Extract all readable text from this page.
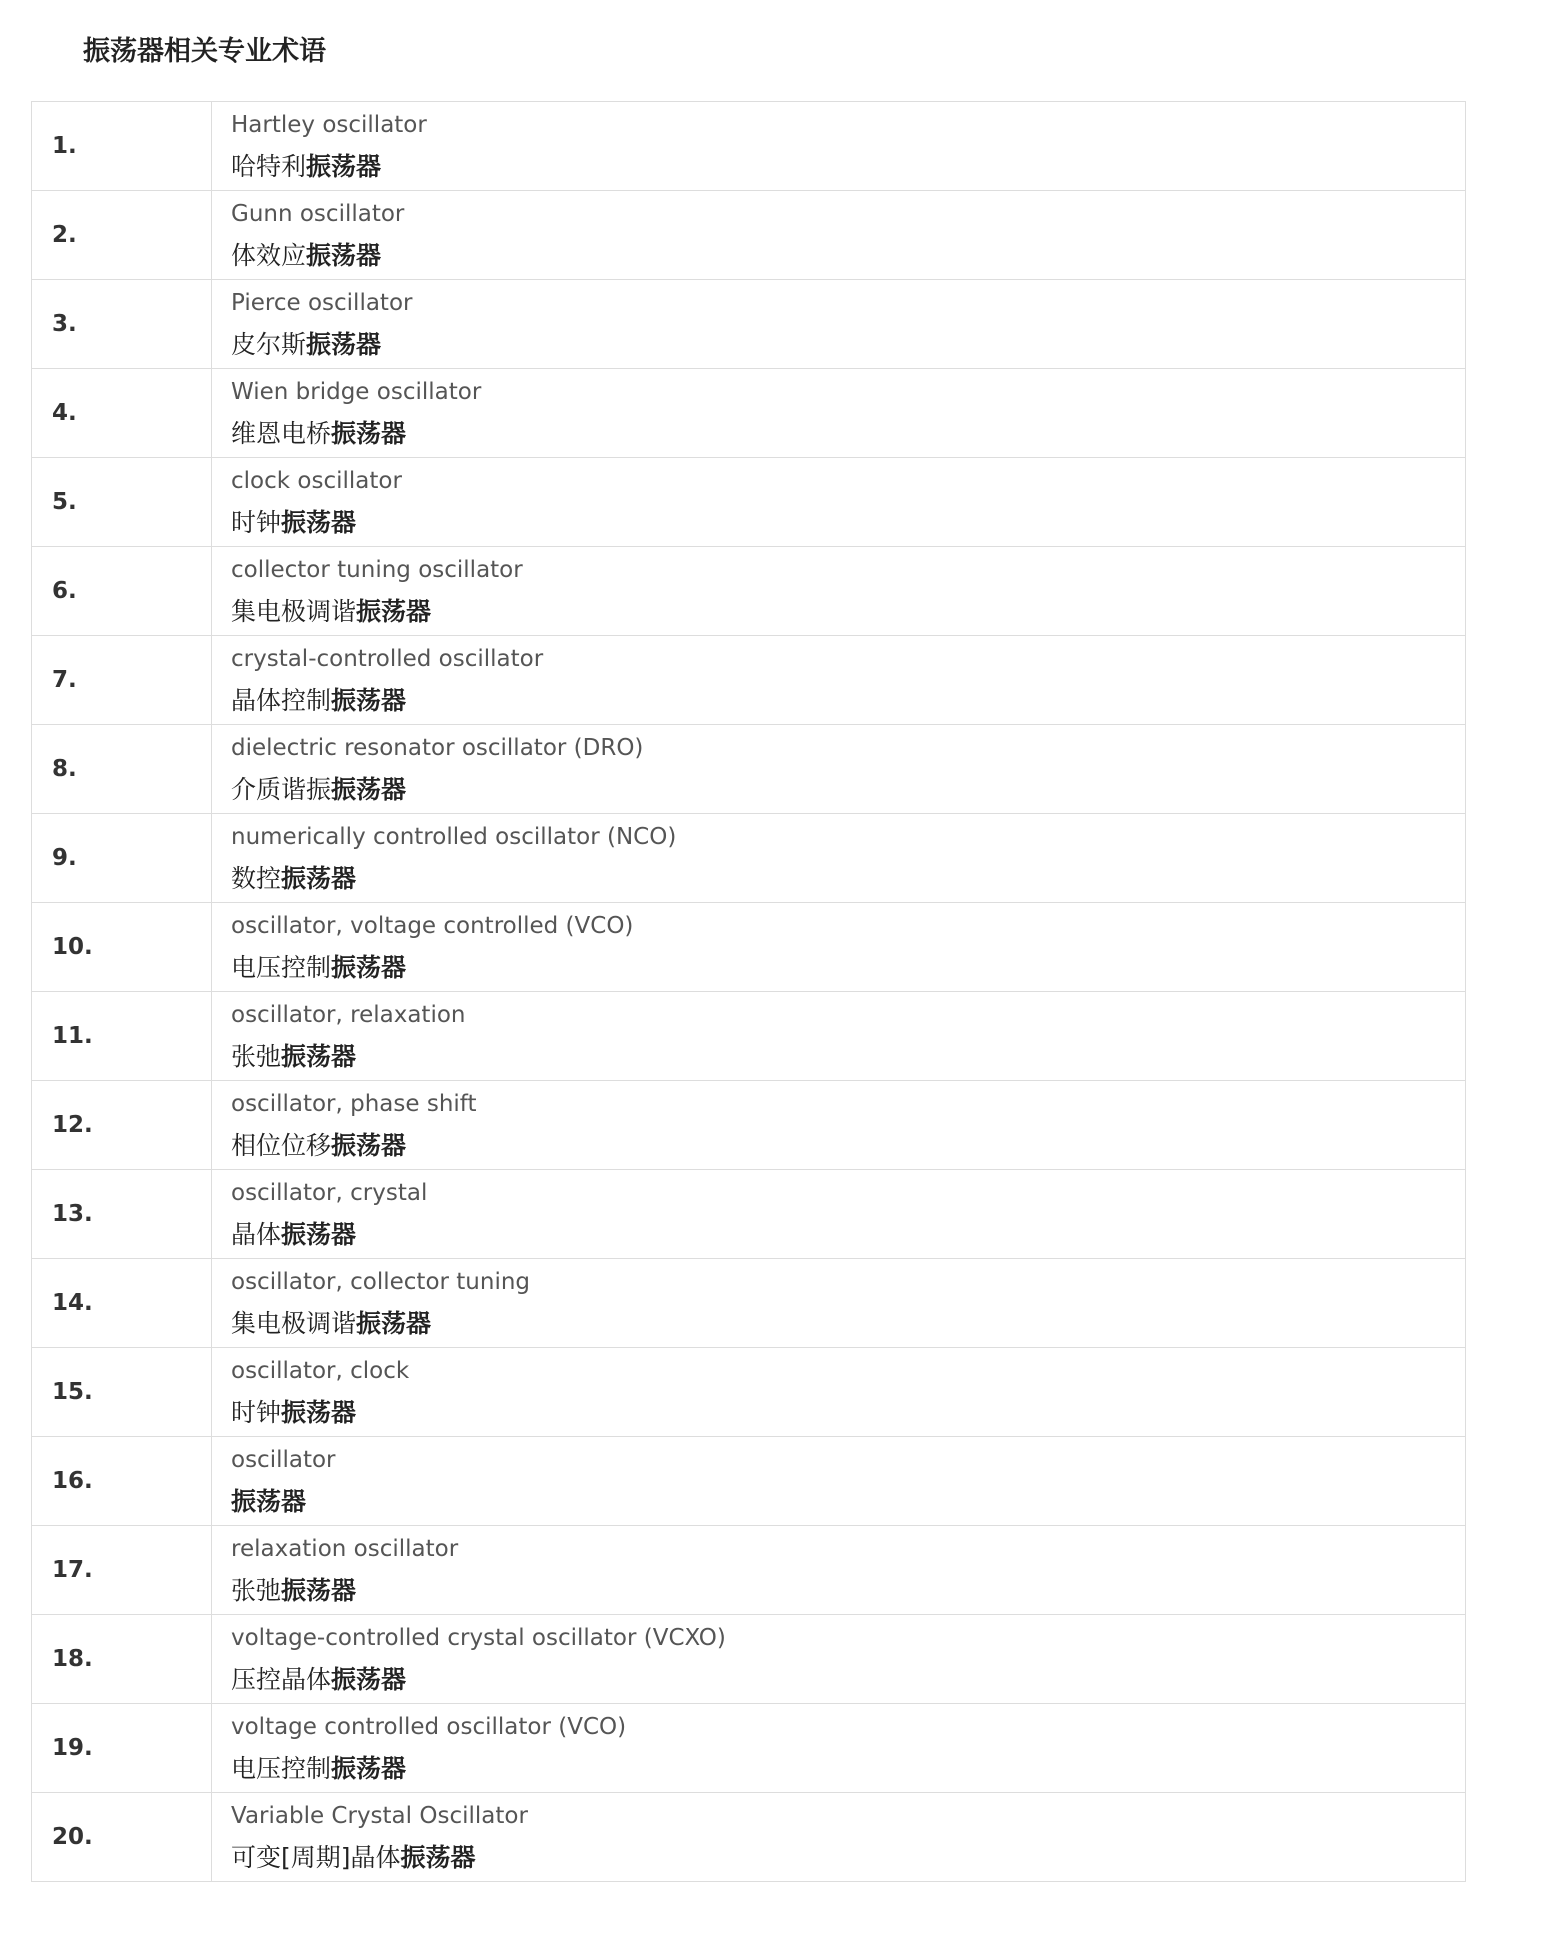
振荡器相关专业术语
1.	Hartley oscillator
哈特利振荡器

2.	Gunn oscillator
体效应振荡器

3.	Pierce oscillator
皮尔斯振荡器

4.	Wien bridge oscillator
维恩电桥振荡器

5.	clock oscillator
时钟振荡器

6.	collector tuning oscillator
集电极调谐振荡器

7.	crystal-controlled oscillator
晶体控制振荡器

8.	dielectric resonator oscillator (DRO)
介质谐振振荡器

9.	numerically controlled oscillator (NCO)
数控振荡器

10.	oscillator, voltage controlled (VCO)
电压控制振荡器

11.	oscillator, relaxation
张弛振荡器

12.	oscillator, phase shift
相位位移振荡器

13.	oscillator, crystal
晶体振荡器

14.	oscillator, collector tuning
集电极调谐振荡器

15.	oscillator, clock
时钟振荡器

16.	oscillator
振荡器

17.	relaxation oscillator
张弛振荡器

18.	voltage-controlled crystal oscillator (VCXO)
压控晶体振荡器

19.	voltage controlled oscillator (VCO)
电压控制振荡器

20.	Variable Crystal Oscillator
可变[周期]晶体振荡器
